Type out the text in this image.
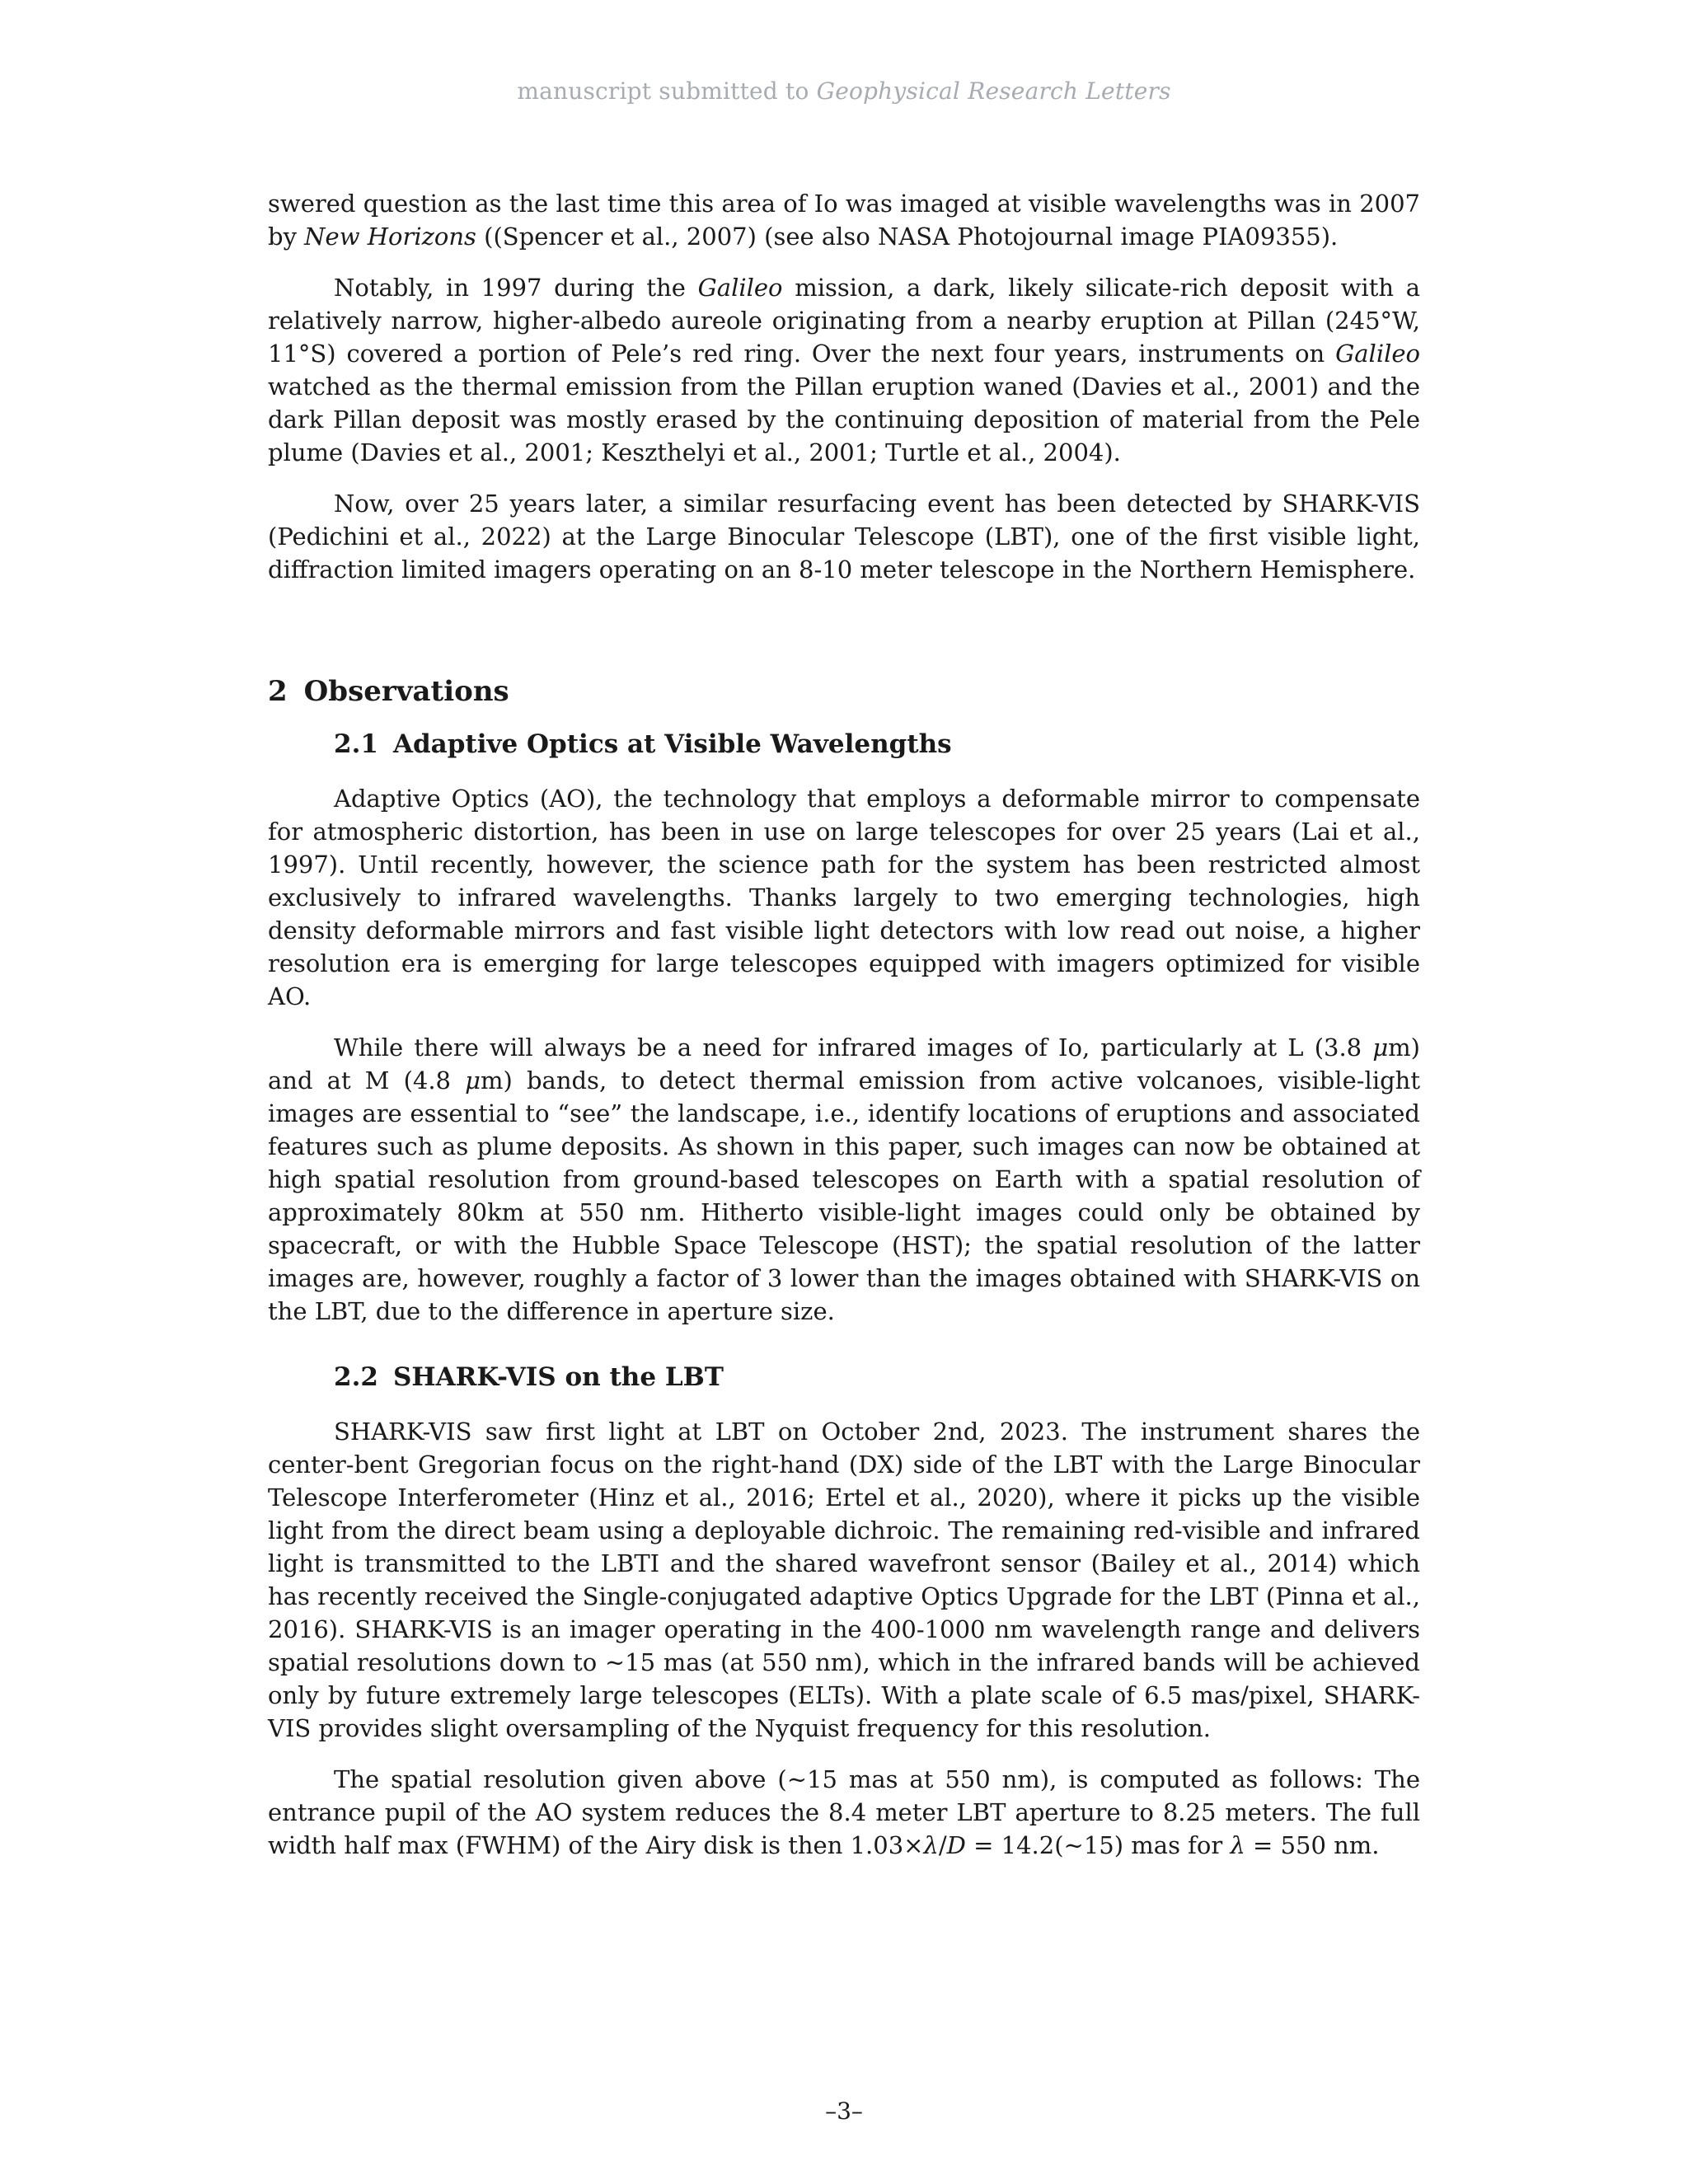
manuscript submitted to Geophysical Research Letters

swered question as the last time this area of Io was imaged at visible wavelengths was in 2007 by New Horizons ((Spencer et al., 2007) (see also NASA Photojournal image PIA09355).

Notably, in 1997 during the Galileo mission, a dark, likely silicate-rich deposit with a relatively narrow, higher-albedo aureole originating from a nearby eruption at Pillan (245°W, 11°S) covered a portion of Pele’s red ring. Over the next four years, instruments on Galileo watched as the thermal emission from the Pillan eruption waned (Davies et al., 2001) and the dark Pillan deposit was mostly erased by the continuing deposition of material from the Pele plume (Davies et al., 2001; Keszthelyi et al., 2001; Turtle et al., 2004).

Now, over 25 years later, a similar resurfacing event has been detected by SHARK-VIS (Pedichini et al., 2022) at the Large Binocular Telescope (LBT), one of the first visible light, diffraction limited imagers operating on an 8-10 meter telescope in the Northern Hemisphere.

2 Observations
2.1 Adaptive Optics at Visible Wavelengths

Adaptive Optics (AO), the technology that employs a deformable mirror to compensate for atmospheric distortion, has been in use on large telescopes for over 25 years (Lai et al., 1997). Until recently, however, the science path for the system has been restricted almost exclusively to infrared wavelengths. Thanks largely to two emerging technologies, high density deformable mirrors and fast visible light detectors with low read out noise, a higher resolution era is emerging for large telescopes equipped with imagers optimized for visible AO.

While there will always be a need for infrared images of Io, particularly at L (3.8 μm) and at M (4.8 μm) bands, to detect thermal emission from active volcanoes, visible-light images are essential to “see” the landscape, i.e., identify locations of eruptions and associated features such as plume deposits. As shown in this paper, such images can now be obtained at high spatial resolution from ground-based telescopes on Earth with a spatial resolution of approximately 80km at 550 nm. Hitherto visible-light images could only be obtained by spacecraft, or with the Hubble Space Telescope (HST); the spatial resolution of the latter images are, however, roughly a factor of 3 lower than the images obtained with SHARK-VIS on the LBT, due to the difference in aperture size.

2.2 SHARK-VIS on the LBT

SHARK-VIS saw first light at LBT on October 2nd, 2023. The instrument shares the center-bent Gregorian focus on the right-hand (DX) side of the LBT with the Large Binocular Telescope Interferometer (Hinz et al., 2016; Ertel et al., 2020), where it picks up the visible light from the direct beam using a deployable dichroic. The remaining red-visible and infrared light is transmitted to the LBTI and the shared wavefront sensor (Bailey et al., 2014) which has recently received the Single-conjugated adaptive Optics Upgrade for the LBT (Pinna et al., 2016). SHARK-VIS is an imager operating in the 400-1000 nm wavelength range and delivers spatial resolutions down to ∼15 mas (at 550 nm), which in the infrared bands will be achieved only by future extremely large telescopes (ELTs). With a plate scale of 6.5 mas/pixel, SHARK-VIS provides slight oversampling of the Nyquist frequency for this resolution.

The spatial resolution given above (∼15 mas at 550 nm), is computed as follows: The entrance pupil of the AO system reduces the 8.4 meter LBT aperture to 8.25 meters. The full width half max (FWHM) of the Airy disk is then 1.03×λ/D = 14.2(∼15) mas for λ = 550 nm.

–3–
